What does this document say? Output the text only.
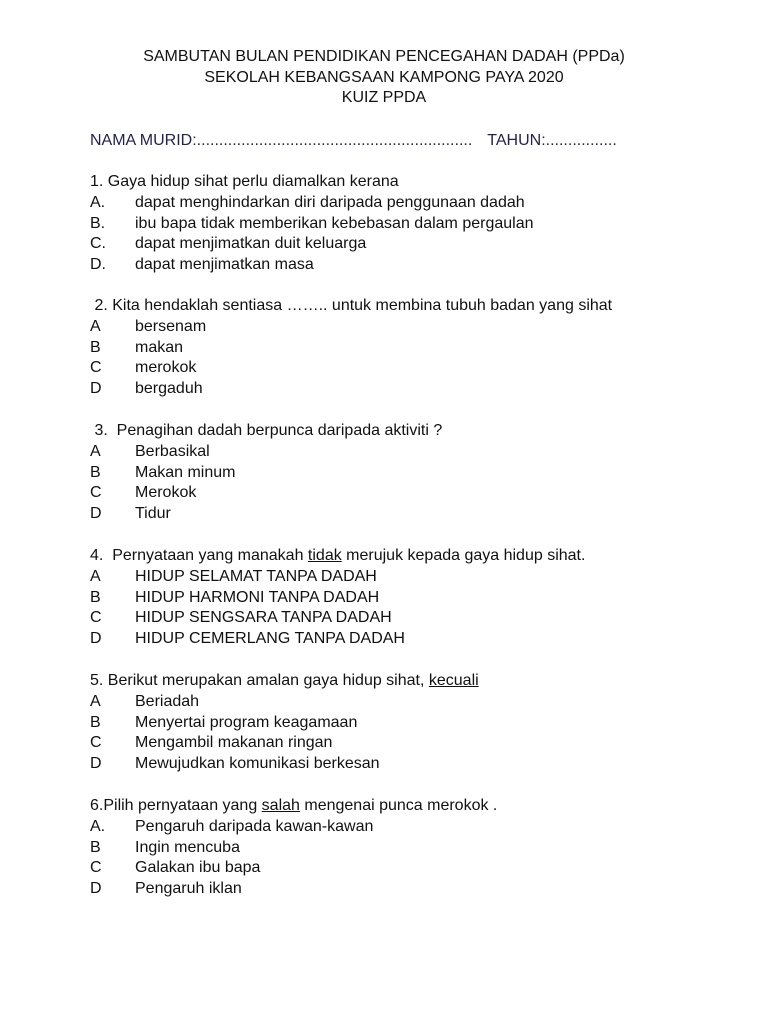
SAMBUTAN BULAN PENDIDIKAN PENCEGAHAN DADAH (PPDa)
SEKOLAH KEBANGSAAN KAMPONG PAYA 2020
KUIZ PPDA
NAMA MURID:.............................................................. TAHUN:................
1. Gaya hidup sihat perlu diamalkan kerana
A. dapat menghindarkan diri daripada penggunaan dadah
B. ibu bapa tidak memberikan kebebasan dalam pergaulan
C. dapat menjimatkan duit keluarga
D. dapat menjimatkan masa
2. Kita hendaklah sentiasa …….. untuk membina tubuh badan yang sihat
A bersenam
B makan
C merokok
D bergaduh
3.  Penagihan dadah berpunca daripada aktiviti ?
A Berbasikal
B Makan minum
C Merokok
D Tidur
4.  Pernyataan yang manakah tidak merujuk kepada gaya hidup sihat.
A HIDUP SELAMAT TANPA DADAH
B HIDUP HARMONI TANPA DADAH
C HIDUP SENGSARA TANPA DADAH
D HIDUP CEMERLANG TANPA DADAH
5. Berikut merupakan amalan gaya hidup sihat, kecuali
A Beriadah
B Menyertai program keagamaan
C Mengambil makanan ringan
D Mewujudkan komunikasi berkesan
6.Pilih pernyataan yang salah mengenai punca merokok .
A. Pengaruh daripada kawan-kawan
B Ingin mencuba
C Galakan ibu bapa
D Pengaruh iklan
